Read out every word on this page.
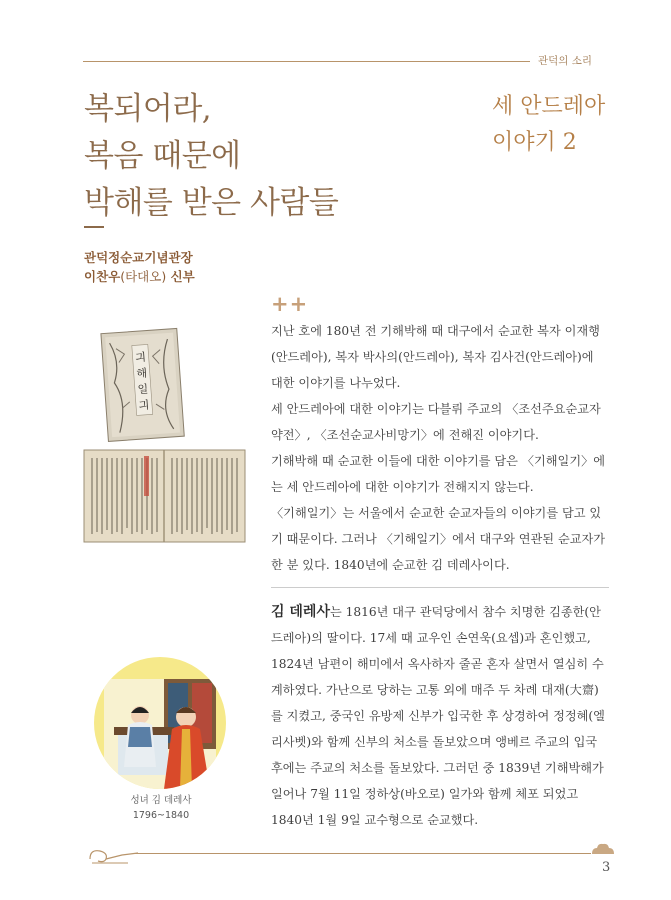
관덕의 소리
복되어라,
복음 때문에
박해를 받은 사람들
세 안드레아
이야기 2
관덕정순교기념관장
이찬우(타대오) 신부
++

지난 호에 180년 전 기해박해 때 대구에서 순교한 복자 이재행(안드레아), 복자 박사의(안드레아), 복자 김사건(안드레아)에 대한 이야기를 나누었다.

세 안드레아에 대한 이야기는 다블뤼 주교의 〈조선주요순교자약전〉, 〈조선순교사비망기〉에 전해진 이야기다.

기해박해 때 순교한 이들에 대한 이야기를 담은 〈기해일기〉에는 세 안드레아에 대한 이야기가 전해지지 않는다.

〈기해일기〉는 서울에서 순교한 순교자들의 이야기를 담고 있기 때문이다. 그러나 〈기해일기〉에서 대구와 연관된 순교자가 한 분 있다. 1840년에 순교한 김 데레사이다.

김 데레사는 1816년 대구 관덕당에서 참수 치명한 김종한(안드레아)의 딸이다. 17세 때 교우인 손연욱(요셉)과 혼인했고, 1824년 남편이 해미에서 옥사하자 줄곧 혼자 살면서 열심히 수계하였다. 가난으로 당하는 고통 외에 매주 두 차례 대재(大齋)를 지켰고, 중국인 유방제 신부가 입국한 후 상경하여 정정혜(엘리사벳)와 함께 신부의 처소를 돌보았으며 앵베르 주교의 입국 후에는 주교의 처소를 돌보았다. 그러던 중 1839년 기해박해가 일어나 7월 11일 정하상(바오로) 일가와 함께 체포 되었고 1840년 1월 9일 교수형으로 순교했다.

긔
해
일
긔
성녀 김 데레사
1796~1840
3
